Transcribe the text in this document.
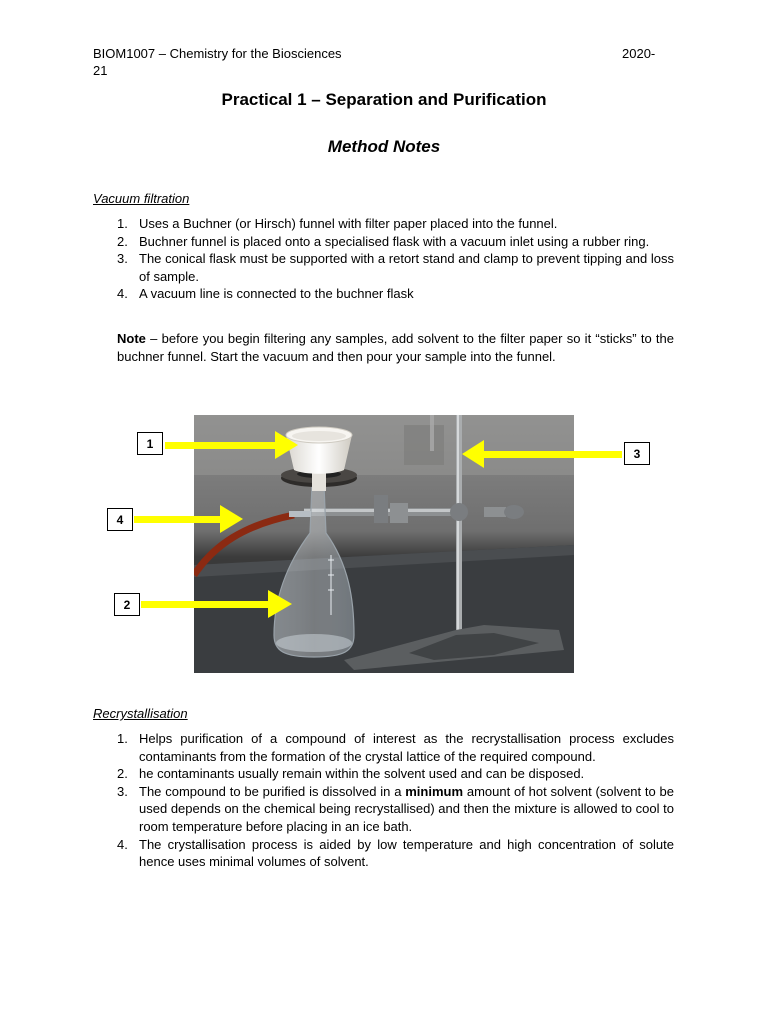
BIOM1007 – Chemistry for the Biosciences	2020-
21
Practical 1 – Separation and Purification
Method Notes
Vacuum filtration
1. Uses a Buchner (or Hirsch) funnel with filter paper placed into the funnel.
2. Buchner funnel is placed onto a specialised flask with a vacuum inlet using a rubber ring.
3. The conical flask must be supported with a retort stand and clamp to prevent tipping and loss of sample.
4. A vacuum line is connected to the buchner flask
Note – before you begin filtering any samples, add solvent to the filter paper so it “sticks” to the buchner funnel. Start the vacuum and then pour your sample into the funnel.
1
3
4
2
Recrystallisation
1. Helps purification of a compound of interest as the recrystallisation process excludes contaminants from the formation of the crystal lattice of the required compound.
2. he contaminants usually remain within the solvent used and can be disposed.
3. The compound to be purified is dissolved in a minimum amount of hot solvent (solvent to be used depends on the chemical being recrystallised) and then the mixture is allowed to cool to room temperature before placing in an ice bath.
4. The crystallisation process is aided by low temperature and high concentration of solute hence uses minimal volumes of solvent.
